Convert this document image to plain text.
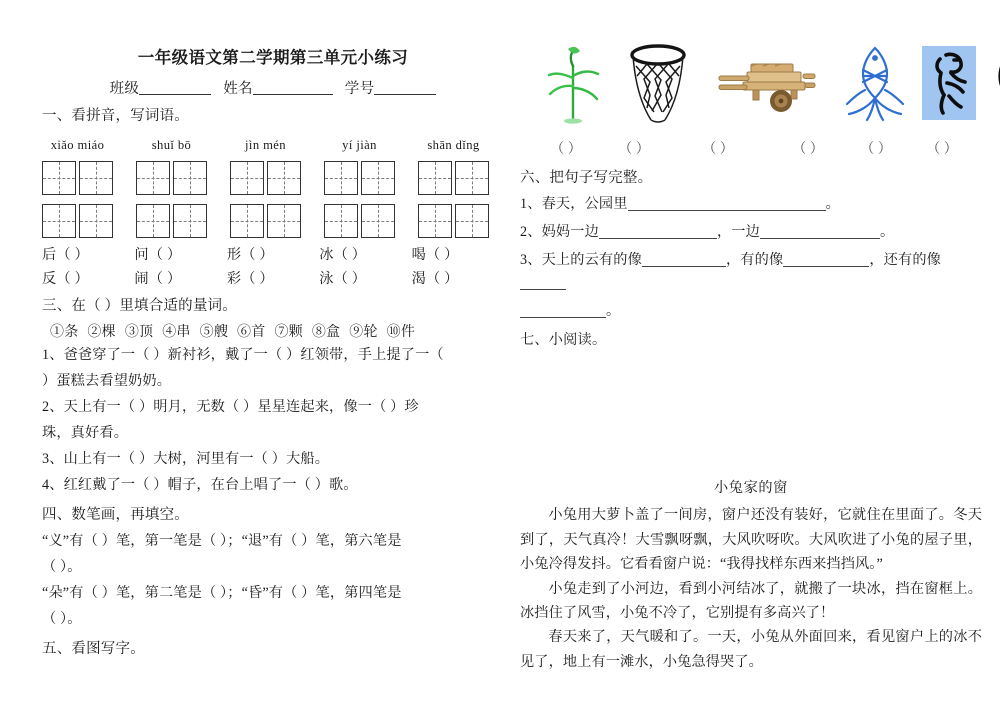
一年级语文第二学期第三单元小练习
班级	姓名	学号
一、看拼音，写词语。
xiǎo miáo	shuǐ bō	jìn mén	yí jiàn	shān dǐng
后（ ）	问（ ）	形（ ）	冰（ ）	喝（ ）
反（ ）	闹（ ）	彩（ ）	泳（ ）	渴（ ）
三、在（ ）里填合适的量词。
①条 ②棵 ③顶 ④串 ⑤艘 ⑥首 ⑦颗 ⑧盒 ⑨轮 ⑩件
1、爸爸穿了一（ ）新衬衫，戴了一（ ）红领带，手上提了一（
）蛋糕去看望奶奶。
2、天上有一（ ）明月，无数（ ）星星连起来，像一（ ）珍
珠，真好看。
3、山上有一（ ）大树，河里有一（ ）大船。
4、红红戴了一（ ）帽子，在台上唱了一（ ）歌。
四、数笔画，再填空。
“义”有（ ）笔，第一笔是（ ）；“退”有（ ）笔，第六笔是
（ ）。
“朵”有（ ）笔，第二笔是（ ）；“昏”有（ ）笔，第四笔是
（ ）。
五、看图写字。
（ ）	（ ）	（ ）	（ ）	（ ）	（ ）
六、把句子写完整。
1、春天，公园里	。
2、妈妈一边	，一边	。
3、天上的云有的像	，有的像	，还有的像
。
七、小阅读。
小兔家的窗

小兔用大萝卜盖了一间房，窗户还没有装好，它就住在里面了。冬天到了，天气真冷！大雪飘呀飘，大风吹呀吹。大风吹进了小兔的屋子里，小兔冷得发抖。它看看窗户说：“我得找样东西来挡挡风。”

小兔走到了小河边，看到小河结冰了，就搬了一块冰，挡在窗框上。冰挡住了风雪，小兔不冷了，它别提有多高兴了！

春天来了，天气暖和了。一天，小兔从外面回来，看见窗户上的冰不见了，地上有一滩水，小兔急得哭了。
